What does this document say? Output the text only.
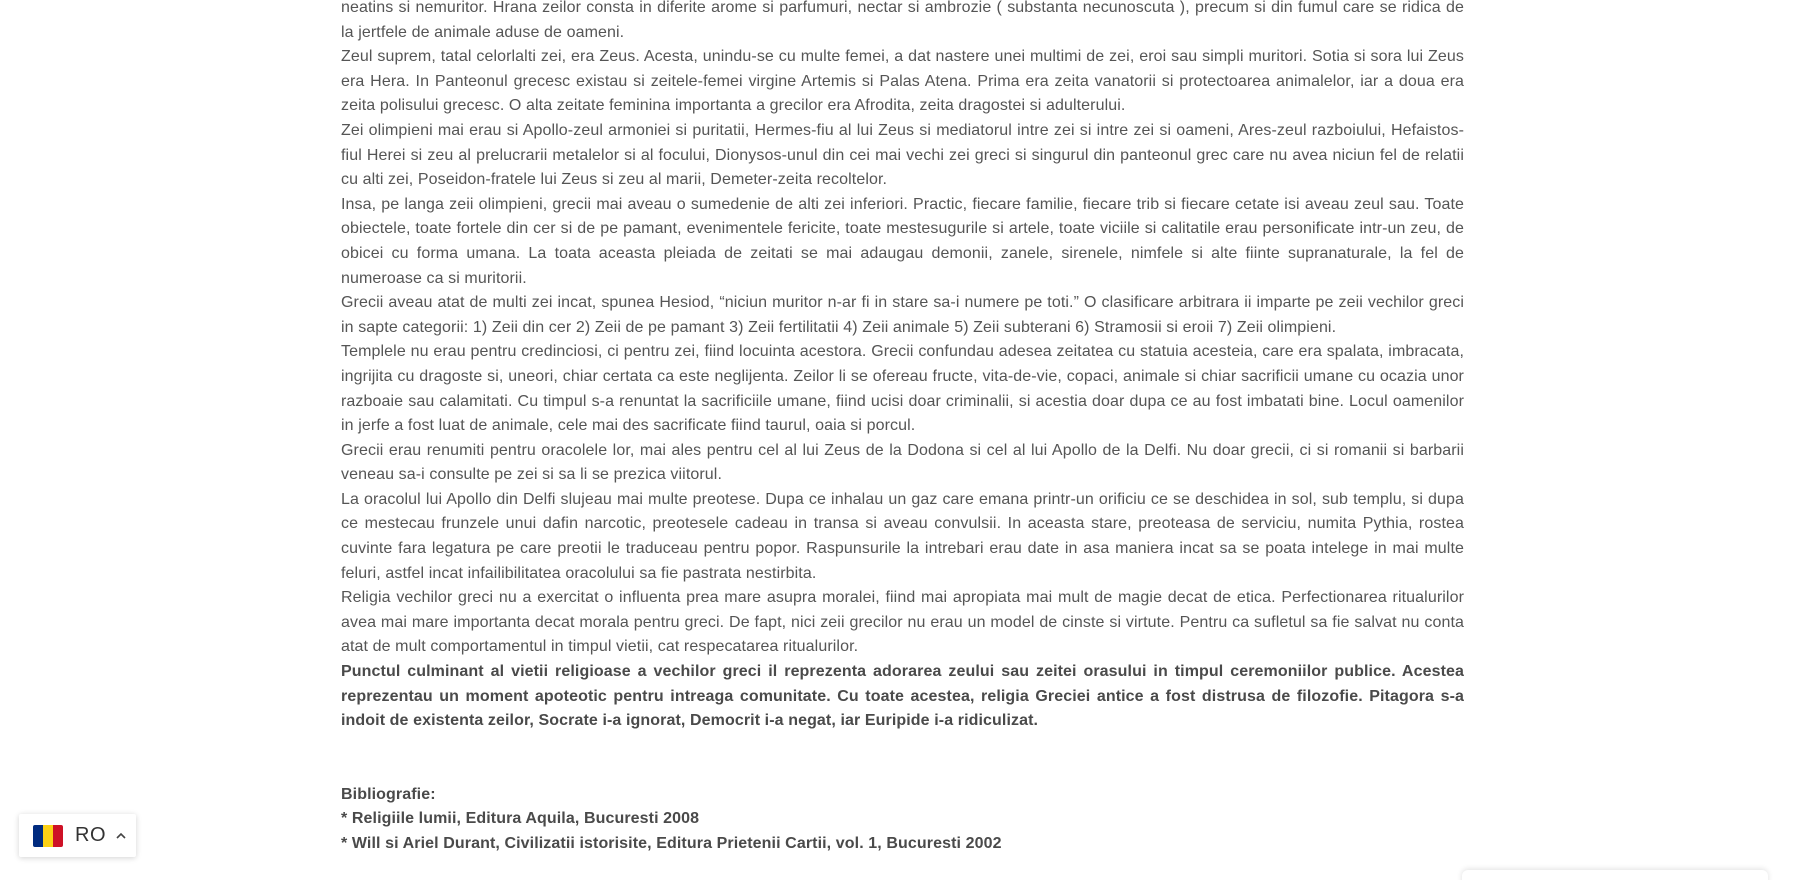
neatins si nemuritor. Hrana zeilor consta in diferite arome si parfumuri, nectar si ambrozie ( substanta necunoscuta ), precum si din fumul care se ridica de la jertfele de animale aduse de oameni.

Zeul suprem, tatal celorlalti zei, era Zeus. Acesta, unindu-se cu multe femei, a dat nastere unei multimi de zei, eroi sau simpli muritori. Sotia si sora lui Zeus era Hera. In Panteonul grecesc existau si zeitele-femei virgine Artemis si Palas Atena. Prima era zeita vanatorii si protectoarea animalelor, iar a doua era zeita polisului grecesc. O alta zeitate feminina importanta a grecilor era Afrodita, zeita dragostei si adulterului.

Zei olimpieni mai erau si Apollo-zeul armoniei si puritatii, Hermes-fiu al lui Zeus si mediatorul intre zei si intre zei si oameni, Ares-zeul razboiului, Hefaistos-fiul Herei si zeu al prelucrarii metalelor si al focului, Dionysos-unul din cei mai vechi zei greci si singurul din panteonul grec care nu avea niciun fel de relatii cu alti zei, Poseidon-fratele lui Zeus si zeu al marii, Demeter-zeita recoltelor.

Insa, pe langa zeii olimpieni, grecii mai aveau o sumedenie de alti zei inferiori. Practic, fiecare familie, fiecare trib si fiecare cetate isi aveau zeul sau. Toate obiectele, toate fortele din cer si de pe pamant, evenimentele fericite, toate mestesugurile si artele, toate viciile si calitatile erau personificate intr-un zeu, de obicei cu forma umana. La toata aceasta pleiada de zeitati se mai adaugau demonii, zanele, sirenele, nimfele si alte fiinte supranaturale, la fel de numeroase ca si muritorii.

Grecii aveau atat de multi zei incat, spunea Hesiod, “niciun muritor n-ar fi in stare sa-i numere pe toti.” O clasificare arbitrara ii imparte pe zeii vechilor greci in sapte categorii: 1) Zeii din cer 2) Zeii de pe pamant 3) Zeii fertilitatii 4) Zeii animale 5) Zeii subterani 6) Stramosii si eroii 7) Zeii olimpieni.

Templele nu erau pentru credinciosi, ci pentru zei, fiind locuinta acestora. Grecii confundau adesea zeitatea cu statuia acesteia, care era spalata, imbracata, ingrijita cu dragoste si, uneori, chiar certata ca este neglijenta. Zeilor li se ofereau fructe, vita-de-vie, copaci, animale si chiar sacrificii umane cu ocazia unor razboaie sau calamitati. Cu timpul s-a renuntat la sacrificiile umane, fiind ucisi doar criminalii, si acestia doar dupa ce au fost imbatati bine. Locul oamenilor in jerfe a fost luat de animale, cele mai des sacrificate fiind taurul, oaia si porcul.

Grecii erau renumiti pentru oracolele lor, mai ales pentru cel al lui Zeus de la Dodona si cel al lui Apollo de la Delfi. Nu doar grecii, ci si romanii si barbarii veneau sa-i consulte pe zei si sa li se prezica viitorul.

La oracolul lui Apollo din Delfi slujeau mai multe preotese. Dupa ce inhalau un gaz care emana printr-un orificiu ce se deschidea in sol, sub templu, si dupa ce mestecau frunzele unui dafin narcotic, preotesele cadeau in transa si aveau convulsii. In aceasta stare, preoteasa de serviciu, numita Pythia, rostea cuvinte fara legatura pe care preotii le traduceau pentru popor. Raspunsurile la intrebari erau date in asa maniera incat sa se poata intelege in mai multe feluri, astfel incat infailibilitatea oracolului sa fie pastrata nestirbita.

Religia vechilor greci nu a exercitat o influenta prea mare asupra moralei, fiind mai apropiata mai mult de magie decat de etica. Perfectionarea ritualurilor avea mai mare importanta decat morala pentru greci. De fapt, nici zeii grecilor nu erau un model de cinste si virtute. Pentru ca sufletul sa fie salvat nu conta atat de mult comportamentul in timpul vietii, cat respecatarea ritualurilor.

Punctul culminant al vietii religioase a vechilor greci il reprezenta adorarea zeului sau zeitei orasului in timpul ceremoniilor publice. Acestea reprezentau un moment apoteotic pentru intreaga comunitate. Cu toate acestea, religia Greciei antice a fost distrusa de filozofie. Pitagora s-a indoit de existenta zeilor, Socrate i-a ignorat, Democrit i-a negat, iar Euripide i-a ridiculizat.

Bibliografie:

* Religiile lumii, Editura Aquila, Bucuresti 2008

* Will si Ariel Durant, Civilizatii istorisite, Editura Prietenii Cartii, vol. 1, Bucuresti 2002

RO
